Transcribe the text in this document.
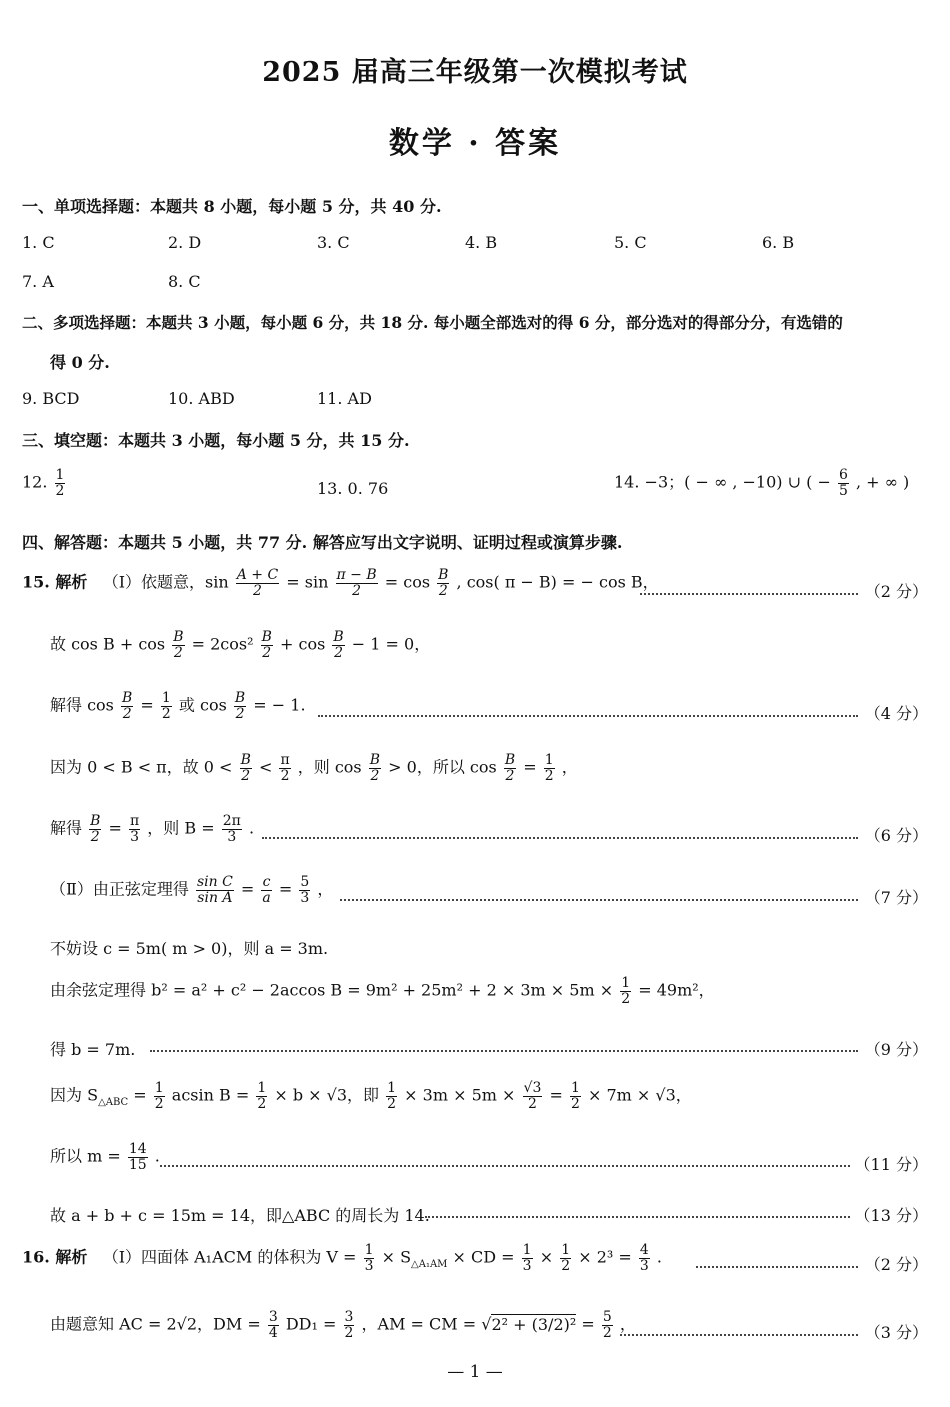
2025 届高三年级第一次模拟考试
数学 · 答案
一、单项选择题：本题共 8 小题，每小题 5 分，共 40 分.
1. C	2. D	3. C	4. B	5. C	6. B
7. A	8. C
二、多项选择题：本题共 3 小题，每小题 6 分，共 18 分. 每小题全部选对的得 6 分，部分选对的得部分分，有选错的
得 0 分.
9. BCD	10. ABD	11. AD
三、填空题：本题共 3 小题，每小题 5 分，共 15 分.
12. $\frac{1}{2}$	13. 0. 76	14. −3；( − ∞ , −10) ∪ ( − $\frac{6}{5}$ , + ∞ )
四、解答题：本题共 5 小题，共 77 分. 解答应写出文字说明、证明过程或演算步骤.
15. 解析 （Ⅰ）依题意，$\sin \frac{A + C}{2} = \sin \frac{\pi - B}{2} = \cos \frac{B}{2}$ , cos( π − B) = − cos B，	（2 分）
故 $\cos B + \cos \frac{B}{2} = 2\cos^2 \frac{B}{2} + \cos \frac{B}{2} - 1 = 0$，
解得 $\cos \frac{B}{2} = \frac{1}{2}$ 或 $\cos \frac{B}{2}$ = − 1.	（4 分）
因为 0 < B < π，故 $0 < \frac{B}{2} < \frac{\pi}{2}$ ，则 $\cos \frac{B}{2} > 0$，所以 $\cos \frac{B}{2} = \frac{1}{2}$ ，
解得 $\frac{B}{2} = \frac{\pi}{3}$ ，则 $B = \frac{2\pi}{3}$ .	（6 分）
（Ⅱ）由正弦定理得 $\frac{\text{sin C}}{\text{sin A}} = \frac{c}{a} = \frac{5}{3}$ ，	（7 分）
不妨设 c = 5m( m > 0)，则 a = 3m.
由余弦定理得 b² = a² + c² − 2accos $B = 9m^2 + 25m^2 + 2 \times 3m \times 5m \times \frac{1}{2} = 49m^2$，
得 b = 7m.	（9 分）
因为 $S_{\triangle ABC} = \frac{1}{2}$ acsin $B = \frac{1}{2} \times b \times √3$，即 $\frac{1}{2} \times 3m \times 5m \times \frac{√3}{2} = \frac{1}{2} \times 7m \times √3$，
所以 $m = \frac{14}{15}$ .	（11 分）
故 a + b + c = 15m = 14，即△ABC 的周长为 14.	（13 分）
16. 解析 （Ⅰ）四面体 A₁ACM 的体积为 $V = \frac{1}{3} \times S_{\triangle A_1AM}$ × CD = $\frac{1}{3} \times \frac{1}{2} \times 2^3 = \frac{4}{3}$ .	（2 分）
由题意知 AC = 2√2，DM = $\frac{3}{4} DD_1 = \frac{3}{2}$ ，AM = CM = $√2^2 + (3/2)^2 = \frac{5}{2}$ ，	（3 分）
— 1 —
